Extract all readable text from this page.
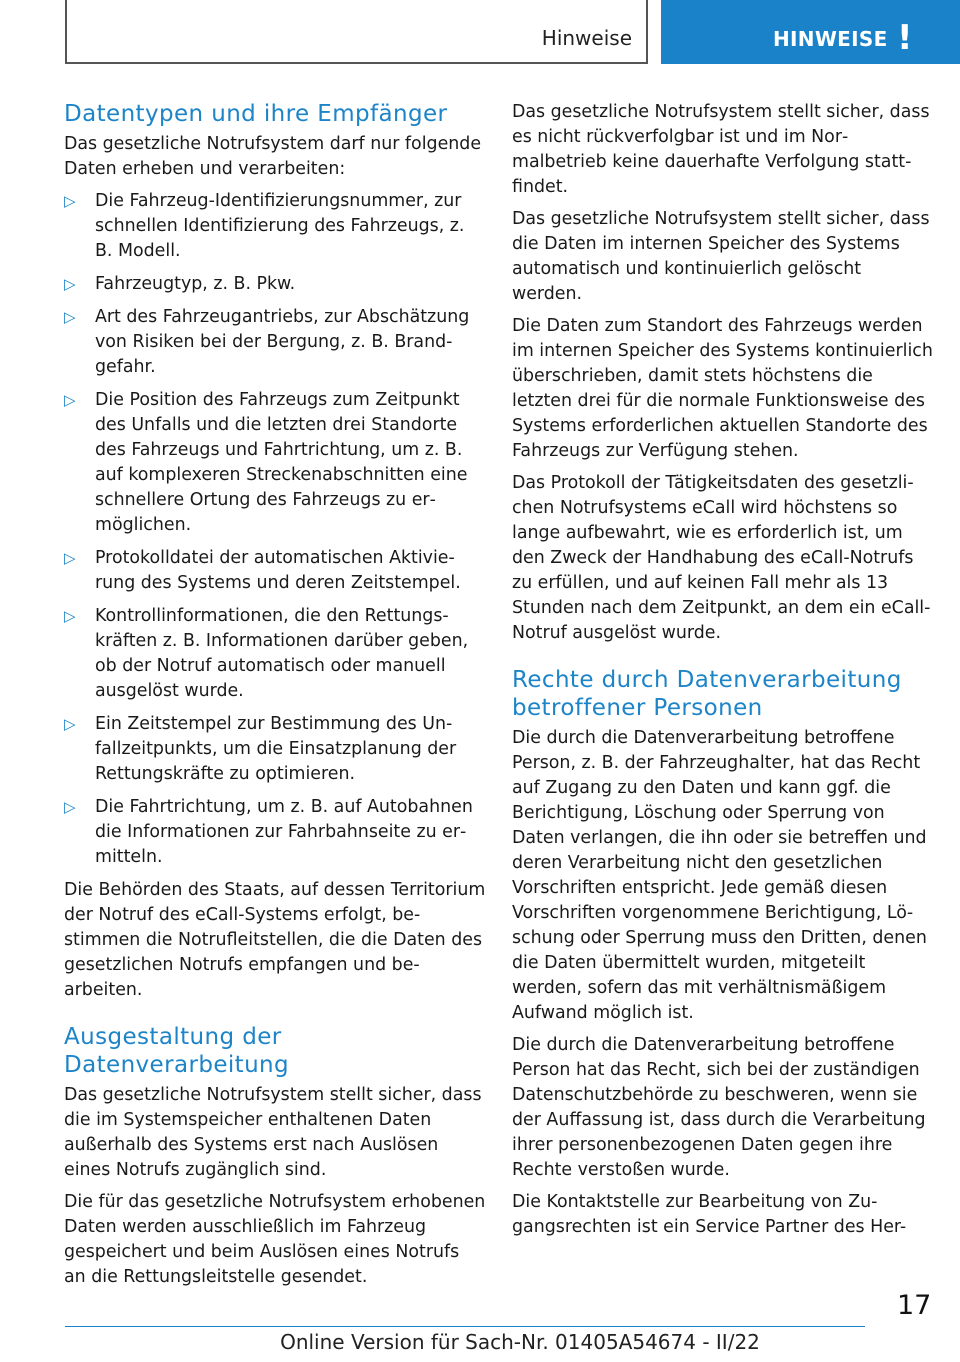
Hinweise	HINWEISE !
Datentypen und ihre Empfänger

Das gesetzliche Notrufsystem darf nur folgende Daten erheben und verarbeiten:

▷ Die Fahrzeug-Identifizierungsnummer, zur schnellen Identifizierung des Fahrzeugs, z. B. Modell.
▷ Fahrzeugtyp, z. B. Pkw.
▷ Art des Fahrzeugantriebs, zur Abschätzung von Risiken bei der Bergung, z. B. Brandgefahr.
▷ Die Position des Fahrzeugs zum Zeitpunkt des Unfalls und die letzten drei Standorte des Fahrzeugs und Fahrtrichtung, um z. B. auf komplexeren Streckenabschnitten eine schnellere Ortung des Fahrzeugs zu ermöglichen.
▷ Protokolldatei der automatischen Aktivierung des Systems und deren Zeitstempel.
▷ Kontrollinformationen, die den Rettungskräften z. B. Informationen darüber geben, ob der Notruf automatisch oder manuell ausgelöst wurde.
▷ Ein Zeitstempel zur Bestimmung des Unfallzeitpunkts, um die Einsatzplanung der Rettungskräfte zu optimieren.
▷ Die Fahrtrichtung, um z. B. auf Autobahnen die Informationen zur Fahrbahnseite zu ermitteln.

Die Behörden des Staats, auf dessen Territorium der Notruf des eCall-Systems erfolgt, bestimmen die Notrufleitstellen, die die Daten des gesetzlichen Notrufs empfangen und bearbeiten.

Ausgestaltung der Datenverarbeitung

Das gesetzliche Notrufsystem stellt sicher, dass die im Systemspeicher enthaltenen Daten außerhalb des Systems erst nach Auslösen eines Notrufs zugänglich sind.

Die für das gesetzliche Notrufsystem erhobenen Daten werden ausschließlich im Fahrzeug gespeichert und beim Auslösen eines Notrufs an die Rettungsleitstelle gesendet.

Das gesetzliche Notrufsystem stellt sicher, dass es nicht rückverfolgbar ist und im Normalbetrieb keine dauerhafte Verfolgung stattfindet.

Das gesetzliche Notrufsystem stellt sicher, dass die Daten im internen Speicher des Systems automatisch und kontinuierlich gelöscht werden.

Die Daten zum Standort des Fahrzeugs werden im internen Speicher des Systems kontinuierlich überschrieben, damit stets höchstens die letzten drei für die normale Funktionsweise des Systems erforderlichen aktuellen Standorte des Fahrzeugs zur Verfügung stehen.

Das Protokoll der Tätigkeitsdaten des gesetzlichen Notrufsystems eCall wird höchstens so lange aufbewahrt, wie es erforderlich ist, um den Zweck der Handhabung des eCall-Notrufs zu erfüllen, und auf keinen Fall mehr als 13 Stunden nach dem Zeitpunkt, an dem ein eCall-Notruf ausgelöst wurde.

Rechte durch Datenverarbeitung betroffener Personen

Die durch die Datenverarbeitung betroffene Person, z. B. der Fahrzeughalter, hat das Recht auf Zugang zu den Daten und kann ggf. die Berichtigung, Löschung oder Sperrung von Daten verlangen, die ihn oder sie betreffen und deren Verarbeitung nicht den gesetzlichen Vorschriften entspricht. Jede gemäß diesen Vorschriften vorgenommene Berichtigung, Löschung oder Sperrung muss den Dritten, denen die Daten übermittelt wurden, mitgeteilt werden, sofern das mit verhältnismäßigem Aufwand möglich ist.

Die durch die Datenverarbeitung betroffene Person hat das Recht, sich bei der zuständigen Datenschutzbehörde zu beschweren, wenn sie der Auffassung ist, dass durch die Verarbeitung ihrer personenbezogenen Daten gegen ihre Rechte verstoßen wurde.

Die Kontaktstelle zur Bearbeitung von Zugangsrechten ist ein Service Partner des Her-

17
Online Version für Sach-Nr. 01405A54674 - II/22
